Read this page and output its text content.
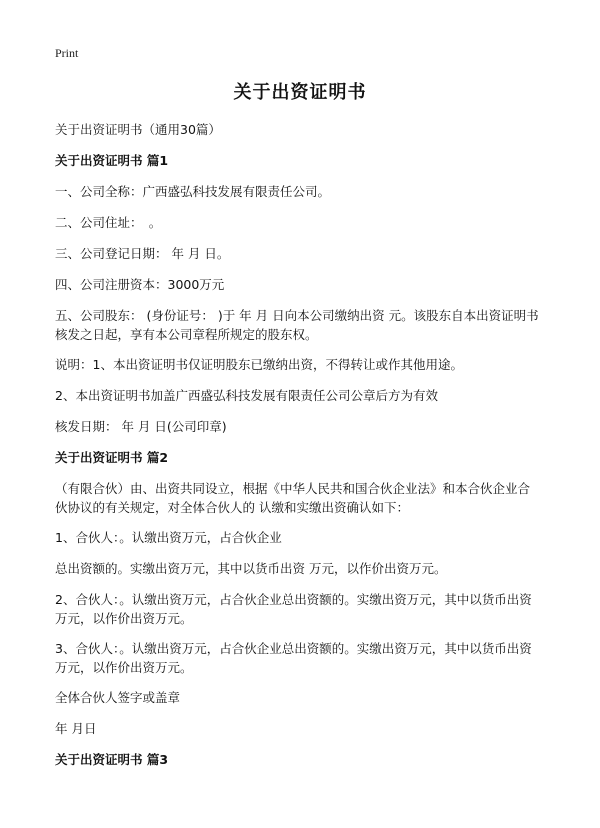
Print
关于出资证明书
关于出资证明书（通用30篇）
关于出资证明书 篇1
一、公司全称：广西盛弘科技发展有限责任公司。
二、公司住址：　。
三、公司登记日期： 年 月 日。
四、公司注册资本：3000万元
五、公司股东： (身份证号： )于 年 月 日向本公司缴纳出资 元。该股东自本出资证明书核发之日起，享有本公司章程所规定的股东权。
说明：1、本出资证明书仅证明股东已缴纳出资，不得转让或作其他用途。
2、本出资证明书加盖广西盛弘科技发展有限责任公司公章后方为有效
核发日期： 年 月 日(公司印章)
关于出资证明书 篇2
（有限合伙）由、出资共同设立，根据《中华人民共和国合伙企业法》和本合伙企业合伙协议的有关规定，对全体合伙人的 认缴和实缴出资确认如下：
1、合伙人：。认缴出资万元，占合伙企业
总出资额的。实缴出资万元，其中以货币出资 万元，以作价出资万元。
2、合伙人：。认缴出资万元，占合伙企业总出资额的。实缴出资万元，其中以货币出资 万元，以作价出资万元。
3、合伙人：。认缴出资万元，占合伙企业总出资额的。实缴出资万元，其中以货币出资 万元，以作价出资万元。
全体合伙人签字或盖章
年 月日
关于出资证明书 篇3
